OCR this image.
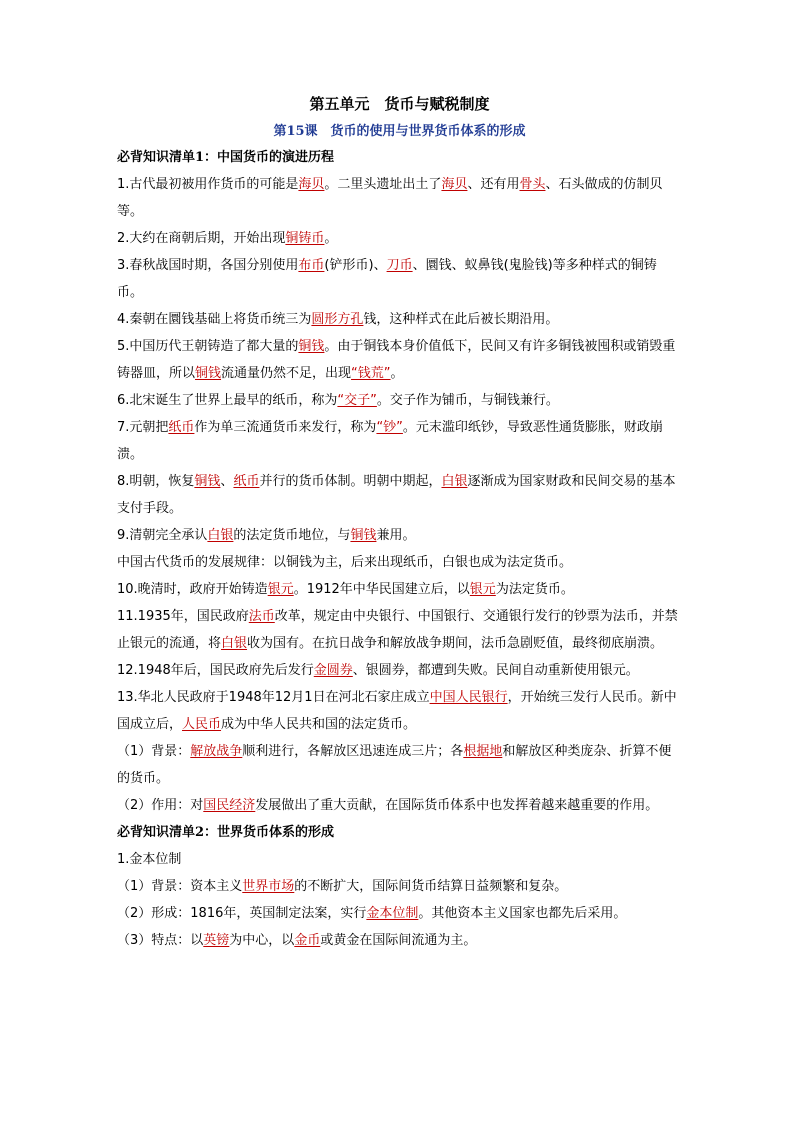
第五单元　货币与赋税制度
第15课　货币的使用与世界货币体系的形成

必背知识清单1：中国货币的演进历程

1.古代最初被用作货币的可能是海贝。二里头遗址出土了海贝、还有用骨头、石头做成的仿制贝等。

2.大约在商朝后期，开始出现铜铸币。

3.春秋战国时期，各国分别使用布币(铲形币)、刀币、圜钱、蚁鼻钱(鬼脸钱)等多种样式的铜铸币。

4.秦朝在圜钱基础上将货币统三为圆形方孔钱，这种样式在此后被长期沿用。

5.中国历代王朝铸造了都大量的铜钱。由于铜钱本身价值低下，民间又有许多铜钱被囤积或销毁重铸器皿，所以铜钱流通量仍然不足，出现“钱荒”。

6.北宋诞生了世界上最早的纸币，称为“交子”。交子作为铺币，与铜钱兼行。

7.元朝把纸币作为单三流通货币来发行，称为“钞”。元末滥印纸钞，导致恶性通货膨胀，财政崩溃。

8.明朝，恢复铜钱、纸币并行的货币体制。明朝中期起，白银逐渐成为国家财政和民间交易的基本支付手段。

9.清朝完全承认白银的法定货币地位，与铜钱兼用。

中国古代货币的发展规律：以铜钱为主，后来出现纸币，白银也成为法定货币。

10.晚清时，政府开始铸造银元。1912年中华民国建立后，以银元为法定货币。

11.1935年，国民政府法币改革，规定由中央银行、中国银行、交通银行发行的钞票为法币，并禁止银元的流通，将白银收为国有。在抗日战争和解放战争期间，法币急剧贬值，最终彻底崩溃。

12.1948年后，国民政府先后发行金圆券、银圆券，都遭到失败。民间自动重新使用银元。

13.华北人民政府于1948年12月1日在河北石家庄成立中国人民银行，开始统三发行人民币。新中国成立后，人民币成为中华人民共和国的法定货币。

（1）背景：解放战争顺利进行，各解放区迅速连成三片；各根据地和解放区种类庞杂、折算不便的货币。

（2）作用：对国民经济发展做出了重大贡献，在国际货币体系中也发挥着越来越重要的作用。

必背知识清单2：世界货币体系的形成

1.金本位制

（1）背景：资本主义世界市场的不断扩大，国际间货币结算日益频繁和复杂。

（2）形成：1816年，英国制定法案，实行金本位制。其他资本主义国家也都先后采用。

（3）特点：以英镑为中心，以金币或黄金在国际间流通为主。
